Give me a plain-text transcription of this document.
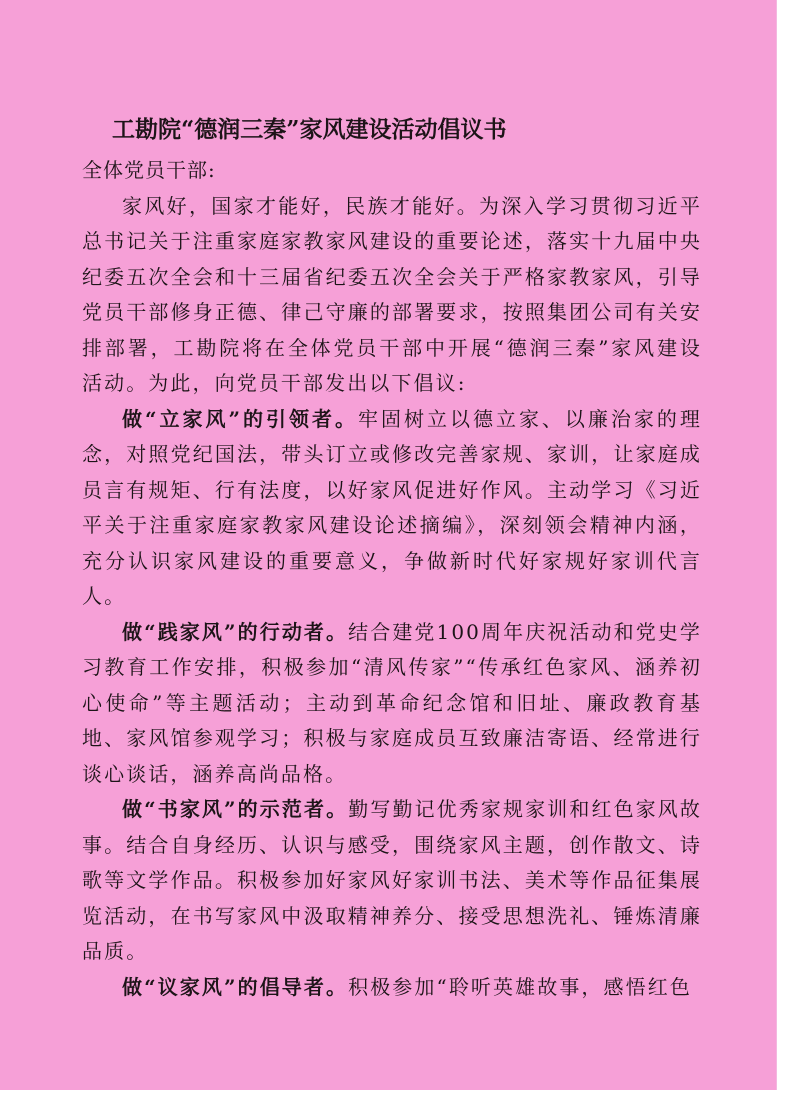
工勘院“德润三秦”家风建设活动倡议书

全体党员干部:

家风好，国家才能好，民族才能好。为深入学习贯彻习近平总书记关于注重家庭家教家风建设的重要论述，落实十九届中央纪委五次全会和十三届省纪委五次全会关于严格家教家风，引导党员干部修身正德、律己守廉的部署要求，按照集团公司有关安排部署，工勘院将在全体党员干部中开展“德润三秦”家风建设活动。为此，向党员干部发出以下倡议:

做“立家风”的引领者。牢固树立以德立家、以廉治家的理念，对照党纪国法，带头订立或修改完善家规、家训，让家庭成员言有规矩、行有法度，以好家风促进好作风。主动学习《习近平关于注重家庭家教家风建设论述摘编》，深刻领会精神内涵，充分认识家风建设的重要意义，争做新时代好家规好家训代言人。

做“践家风”的行动者。结合建党100周年庆祝活动和党史学习教育工作安排，积极参加“清风传家”“传承红色家风、涵养初心使命”等主题活动；主动到革命纪念馆和旧址、廉政教育基地、家风馆参观学习；积极与家庭成员互致廉洁寄语、经常进行谈心谈话，涵养高尚品格。

做“书家风”的示范者。勤写勤记优秀家规家训和红色家风故事。结合自身经历、认识与感受，围绕家风主题，创作散文、诗歌等文学作品。积极参加好家风好家训书法、美术等作品征集展览活动，在书写家风中汲取精神养分、接受思想洗礼、锤炼清廉品质。

做“议家风”的倡导者。积极参加“聆听英雄故事，感悟红色
